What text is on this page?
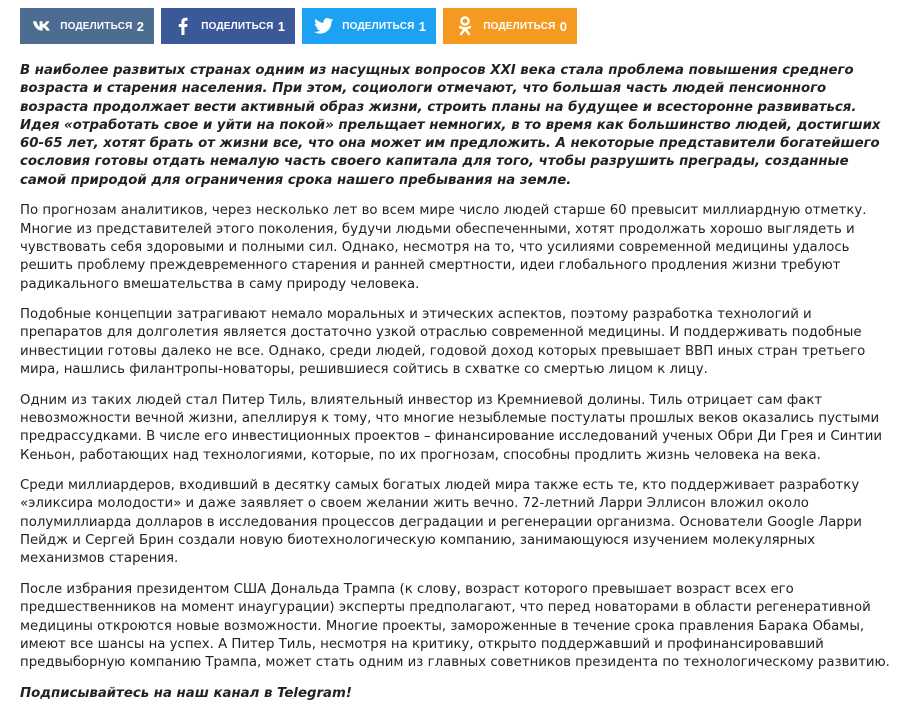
ПОДЕЛИТЬСЯ 2	ПОДЕЛИТЬСЯ 1	ПОДЕЛИТЬСЯ 1	ПОДЕЛИТЬСЯ 0

В наиболее развитых странах одним из насущных вопросов XXI века стала проблема повышения среднего возраста и старения населения. При этом, социологи отмечают, что большая часть людей пенсионного возраста продолжает вести активный образ жизни, строить планы на будущее и всесторонне развиваться. Идея «отработать свое и уйти на покой» прельщает немногих, в то время как большинство людей, достигших 60-65 лет, хотят брать от жизни все, что она может им предложить. А некоторые представители богатейшего сословия готовы отдать немалую часть своего капитала для того, чтобы разрушить преграды, созданные самой природой для ограничения срока нашего пребывания на земле.

По прогнозам аналитиков, через несколько лет во всем мире число людей старше 60 превысит миллиардную отметку. Многие из представителей этого поколения, будучи людьми обеспеченными, хотят продолжать хорошо выглядеть и чувствовать себя здоровыми и полными сил. Однако, несмотря на то, что усилиями современной медицины удалось решить проблему преждевременного старения и ранней смертности, идеи глобального продления жизни требуют радикального вмешательства в саму природу человека.

Подобные концепции затрагивают немало моральных и этических аспектов, поэтому разработка технологий и препаратов для долголетия является достаточно узкой отраслью современной медицины. И поддерживать подобные инвестиции готовы далеко не все. Однако, среди людей, годовой доход которых превышает ВВП иных стран третьего мира, нашлись филантропы-новаторы, решившиеся сойтись в схватке со смертью лицом к лицу.

Одним из таких людей стал Питер Тиль, влиятельный инвестор из Кремниевой долины. Тиль отрицает сам факт невозможности вечной жизни, апеллируя к тому, что многие незыблемые постулаты прошлых веков оказались пустыми предрассудками. В числе его инвестиционных проектов – финансирование исследований ученых Обри Ди Грея и Синтии Кеньон, работающих над технологиями, которые, по их прогнозам, способны продлить жизнь человека на века.

Среди миллиардеров, входивший в десятку самых богатых людей мира также есть те, кто поддерживает разработку «эликсира молодости» и даже заявляет о своем желании жить вечно. 72-летний Ларри Эллисон вложил около полумиллиарда долларов в исследования процессов деградации и регенерации организма. Основатели Google Ларри Пейдж и Сергей Брин создали новую биотехнологическую компанию, занимающуюся изучением молекулярных механизмов старения.

После избрания президентом США Дональда Трампа (к слову, возраст которого превышает возраст всех его предшественников на момент инаугурации) эксперты предполагают, что перед новаторами в области регенеративной медицины откроются новые возможности. Многие проекты, замороженные в течение срока правления Барака Обамы, имеют все шансы на успех. А Питер Тиль, несмотря на критику, открыто поддержавший и профинансировавший предвыборную компанию Трампа, может стать одним из главных советников президента по технологическому развитию.

Подписывайтесь на наш канал в Telegram!
